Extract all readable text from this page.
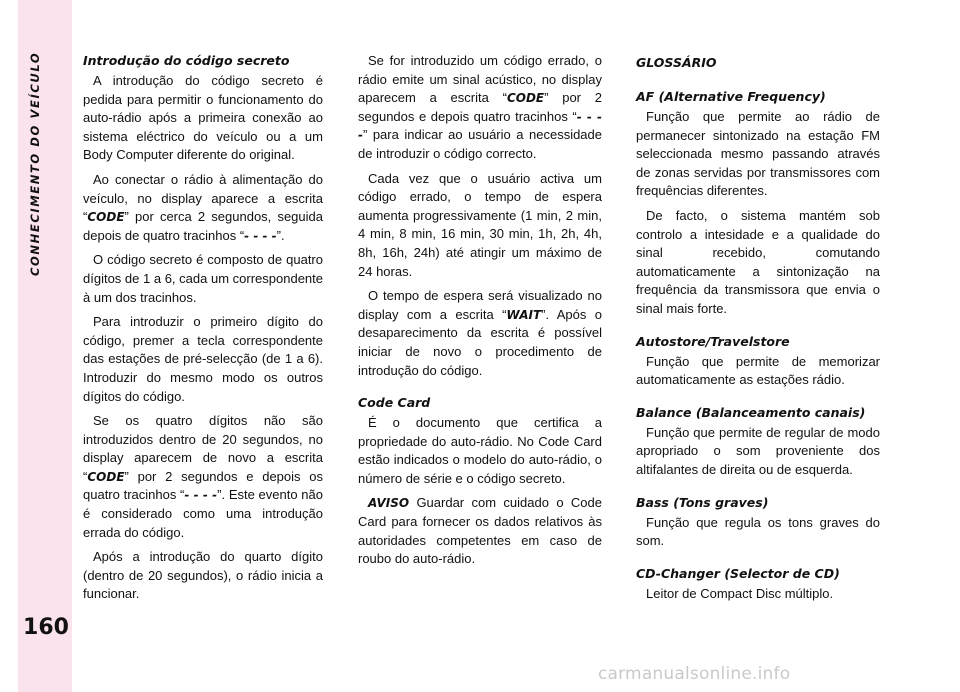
CONHECIMENTO DO VEÍCULO
160
Introdução do código secreto

A introdução do código secreto é pedida para permitir o funcionamento do auto-rádio após a primeira conexão ao sistema eléctrico do veículo ou a um Body Computer diferente do original.

Ao conectar o rádio à alimentação do veículo, no display aparece a escrita “CODE” por cerca 2 segundos, seguida depois de quatro tracinhos “- - - -”.

O código secreto é composto de quatro dígitos de 1 a 6, cada um correspondente à um dos tracinhos.

Para introduzir o primeiro dígito do código, premer a tecla correspondente das estações de pré-selecção (de 1 a 6). Introduzir do mesmo modo os outros dígitos do código.

Se os quatro dígitos não são introduzidos dentro de 20 segundos, no display aparecem de novo a escrita “CODE” por 2 segundos e depois os quatro tracinhos “- - - -”. Este evento não é considerado como uma introdução errada do código.

Após a introdução do quarto dígito (dentro de 20 segundos), o rádio inicia a funcionar.

Se for introduzido um código errado, o rádio emite um sinal acústico, no display aparecem a escrita “CODE” por 2 segundos e depois quatro tracinhos “- - - -” para indicar ao usuário a necessidade de introduzir o código correcto.

Cada vez que o usuário activa um código errado, o tempo de espera aumenta progressivamente (1 min, 2 min, 4 min, 8 min, 16 min, 30 min, 1h, 2h, 4h, 8h, 16h, 24h) até atingir um máximo de 24 horas.

O tempo de espera será visualizado no display com a escrita “WAIT”. Após o desaparecimento da escrita é possível iniciar de novo o procedimento de introdução do código.

Code Card

É o documento que certifica a propriedade do auto-rádio. No Code Card estão indicados o modelo do auto-rádio, o número de série e o código secreto.

AVISO Guardar com cuidado o Code Card para fornecer os dados relativos às autoridades competentes em caso de roubo do auto-rádio.

GLOSSÁRIO
AF (Alternative Frequency)

Função que permite ao rádio de permanecer sintonizado na estação FM seleccionada mesmo passando através de zonas servidas por transmissores com frequências diferentes.

De facto, o sistema mantém sob controlo a intesidade e a qualidade do sinal recebido, comutando automaticamente a sintonização na frequência da transmissora que envia o sinal mais forte.

Autostore/Travelstore

Função que permite de memorizar automaticamente as estações rádio.

Balance (Balanceamento canais)

Função que permite de regular de modo apropriado o som proveniente dos altifalantes de direita ou de esquerda.

Bass (Tons graves)

Função que regula os tons graves do som.

CD-Changer (Selector de CD)

Leitor de Compact Disc múltiplo.

carmanualsonline.info
